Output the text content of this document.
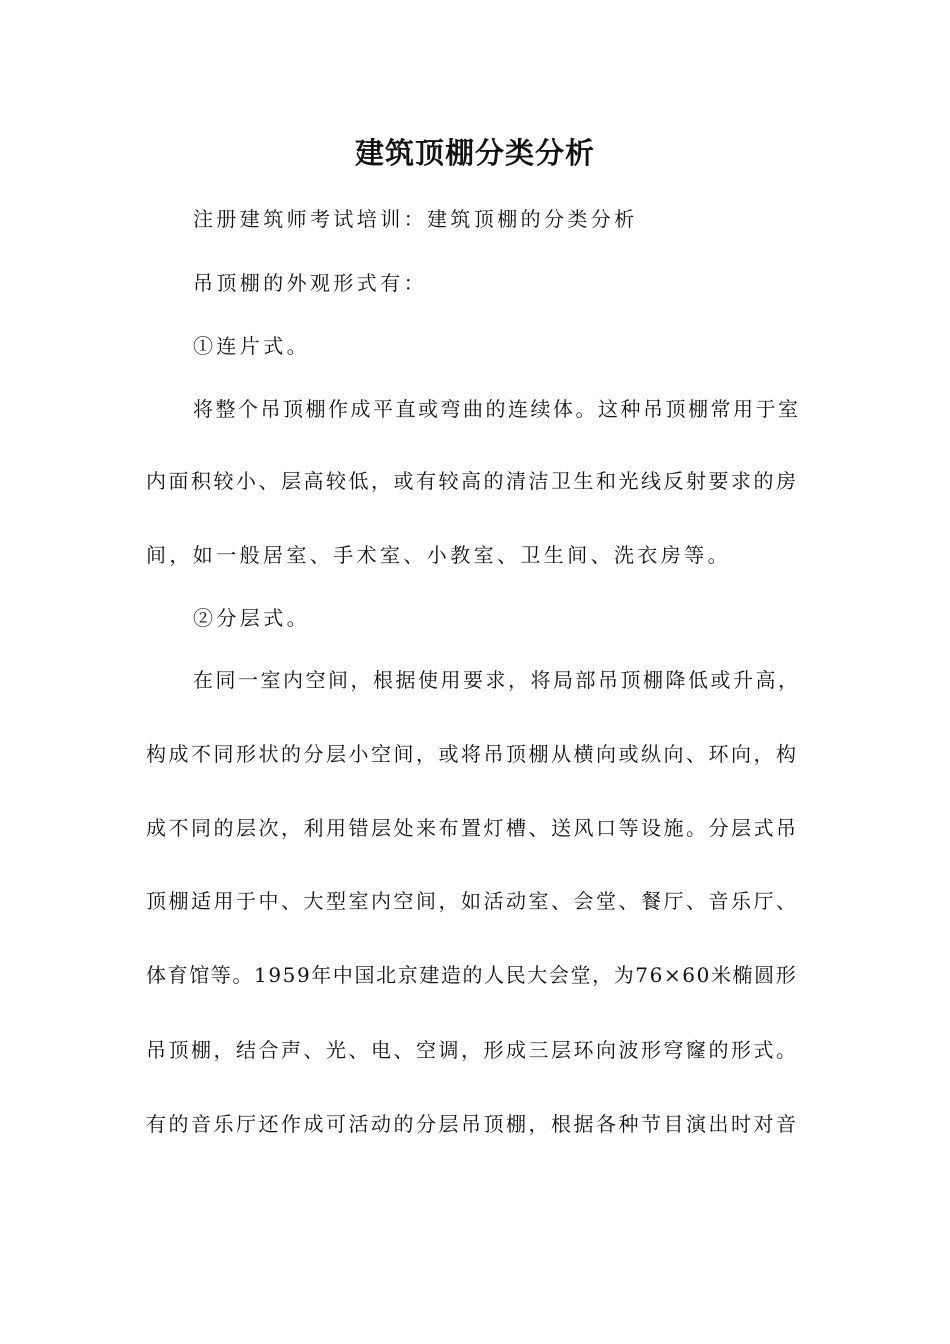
建筑顶棚分类分析
注册建筑师考试培训：建筑顶棚的分类分析
吊顶棚的外观形式有：
①连片式。
将整个吊顶棚作成平直或弯曲的连续体。这种吊顶棚常用于室
内面积较小、层高较低，或有较高的清洁卫生和光线反射要求的房
间，如一般居室、手术室、小教室、卫生间、洗衣房等。
②分层式。
在同一室内空间，根据使用要求，将局部吊顶棚降低或升高，
构成不同形状的分层小空间，或将吊顶棚从横向或纵向、环向，构
成不同的层次，利用错层处来布置灯槽、送风口等设施。分层式吊
顶棚适用于中、大型室内空间，如活动室、会堂、餐厅、音乐厅、
体育馆等。1959年中国北京建造的人民大会堂，为76×60米椭圆形
吊顶棚，结合声、光、电、空调，形成三层环向波形穹窿的形式。
有的音乐厅还作成可活动的分层吊顶棚，根据各种节目演出时对音
